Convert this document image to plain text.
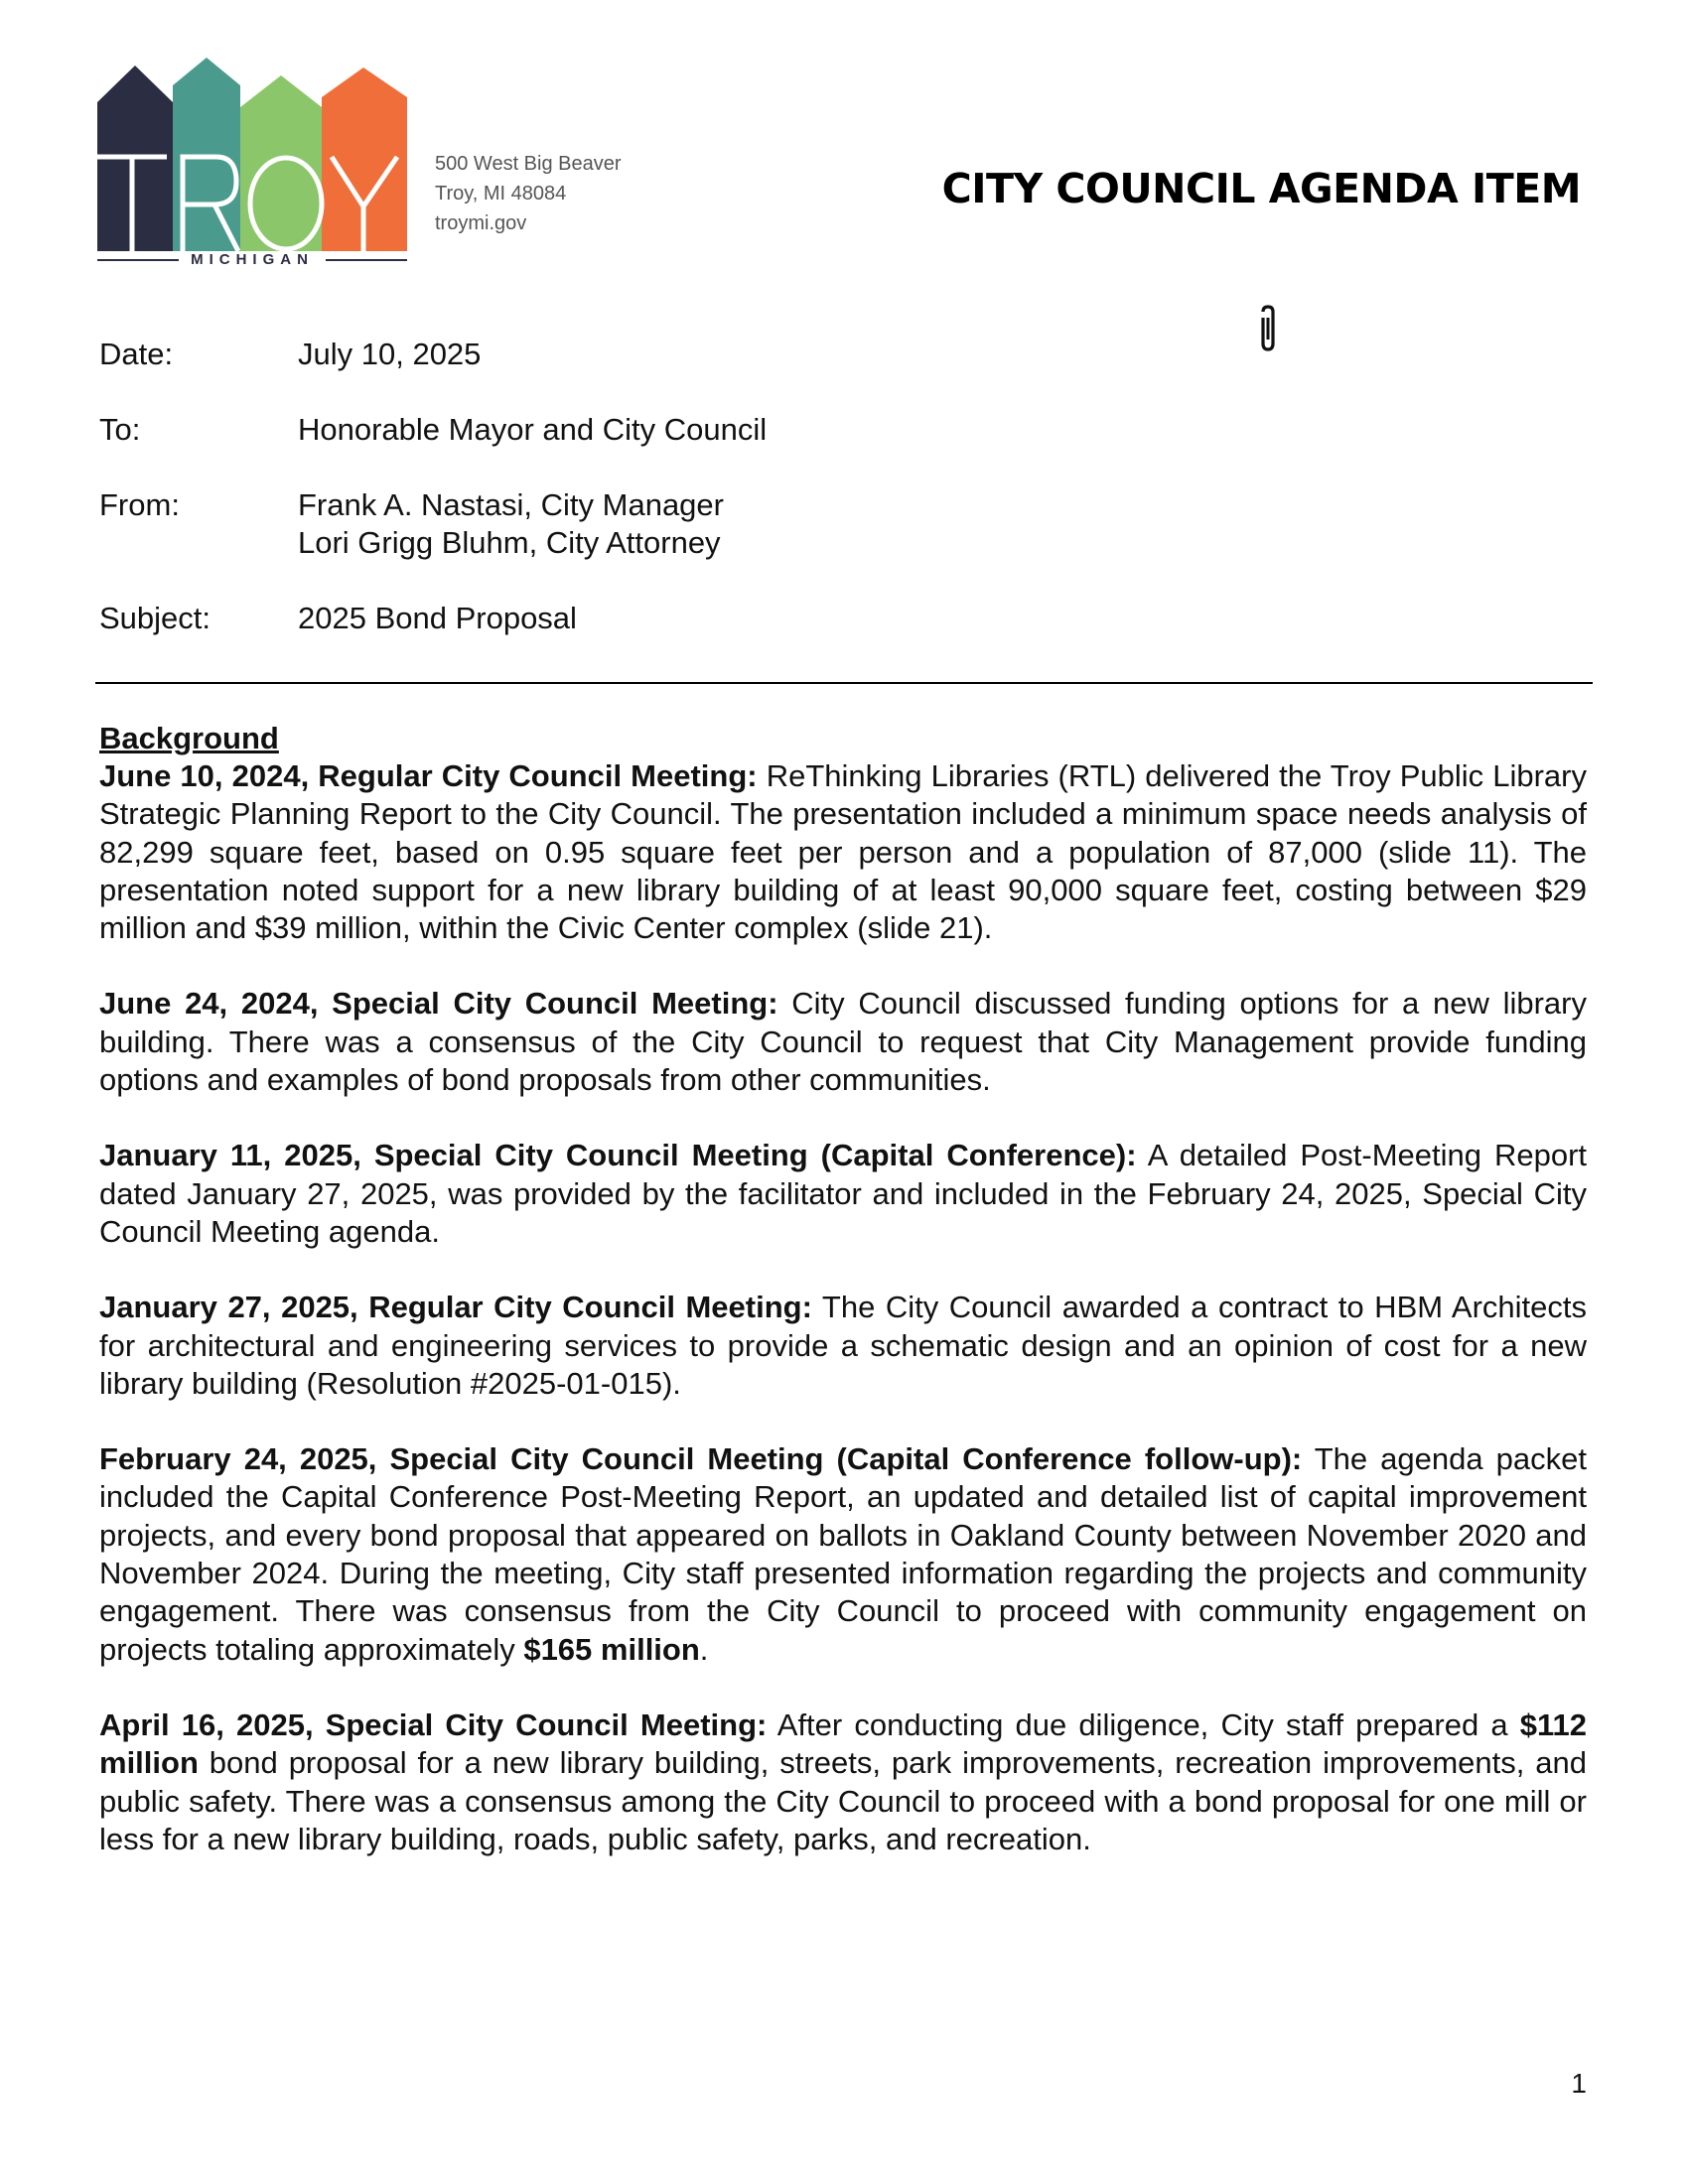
MICHIGAN
500 West Big Beaver
Troy, MI 48084
troymi.gov
CITY COUNCIL AGENDA ITEM
Date:	July 10, 2025
To:	Honorable Mayor and City Council
From:	Frank A. Nastasi, City Manager
Lori Grigg Bluhm, City Attorney
Subject:	2025 Bond Proposal
Background

June 10, 2024, Regular City Council Meeting: ReThinking Libraries (RTL) delivered the Troy Public Library Strategic Planning Report to the City Council. The presentation included a minimum space needs analysis of 82,299 square feet, based on 0.95 square feet per person and a population of 87,000 (slide 11). The presentation noted support for a new library building of at least 90,000 square feet, costing between $29 million and $39 million, within the Civic Center complex (slide 21).

June 24, 2024, Special City Council Meeting: City Council discussed funding options for a new library building. There was a consensus of the City Council to request that City Management provide funding options and examples of bond proposals from other communities.

January 11, 2025, Special City Council Meeting (Capital Conference): A detailed Post-Meeting Report dated January 27, 2025, was provided by the facilitator and included in the February 24, 2025, Special City Council Meeting agenda.

January 27, 2025, Regular City Council Meeting: The City Council awarded a contract to HBM Architects for architectural and engineering services to provide a schematic design and an opinion of cost for a new library building (Resolution #2025-01-015).

February 24, 2025, Special City Council Meeting (Capital Conference follow-up): The agenda packet included the Capital Conference Post-Meeting Report, an updated and detailed list of capital improvement projects, and every bond proposal that appeared on ballots in Oakland County between November 2020 and November 2024. During the meeting, City staff presented information regarding the projects and community engagement. There was consensus from the City Council to proceed with community engagement on projects totaling approximately $165 million.

April 16, 2025, Special City Council Meeting: After conducting due diligence, City staff prepared a $112 million bond proposal for a new library building, streets, park improvements, recreation improvements, and public safety. There was a consensus among the City Council to proceed with a bond proposal for one mill or less for a new library building, roads, public safety, parks, and recreation.

1
